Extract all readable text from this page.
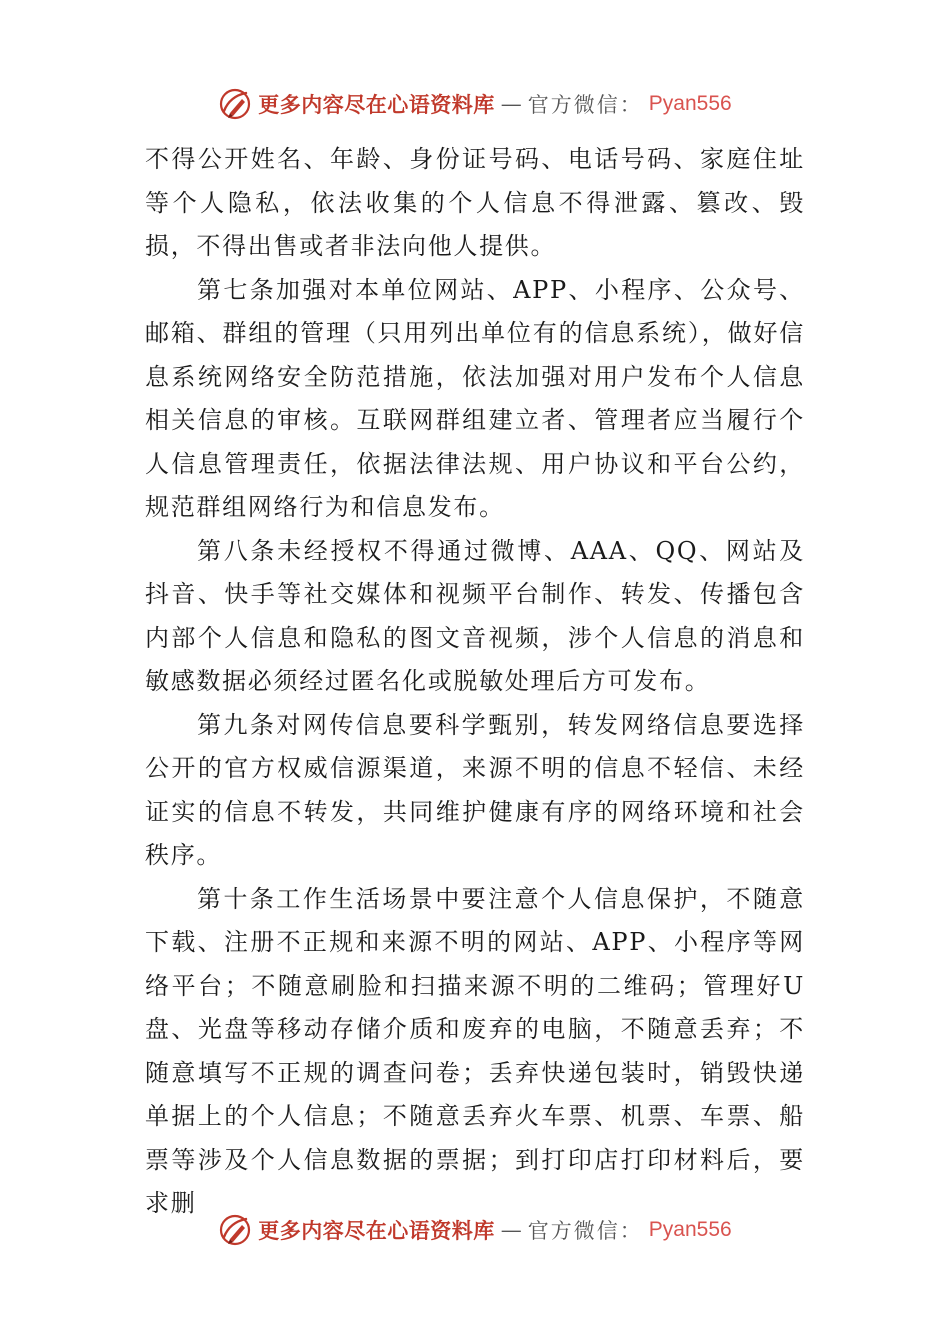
更多内容尽在心语资料库 — 官方微信： Pyan556

不得公开姓名、年龄、身份证号码、电话号码、家庭住址等个人隐私，依法收集的个人信息不得泄露、篡改、毁损，不得出售或者非法向他人提供。

第七条加强对本单位网站、APP、小程序、公众号、邮箱、群组的管理（只用列出单位有的信息系统），做好信息系统网络安全防范措施，依法加强对用户发布个人信息相关信息的审核。互联网群组建立者、管理者应当履行个人信息管理责任，依据法律法规、用户协议和平台公约，规范群组网络行为和信息发布。

第八条未经授权不得通过微博、AAA、QQ、网站及抖音、快手等社交媒体和视频平台制作、转发、传播包含内部个人信息和隐私的图文音视频，涉个人信息的消息和敏感数据必须经过匿名化或脱敏处理后方可发布。

第九条对网传信息要科学甄别，转发网络信息要选择公开的官方权威信源渠道，来源不明的信息不轻信、未经证实的信息不转发，共同维护健康有序的网络环境和社会秩序。

第十条工作生活场景中要注意个人信息保护，不随意下载、注册不正规和来源不明的网站、APP、小程序等网络平台；不随意刷脸和扫描来源不明的二维码；管理好U盘、光盘等移动存储介质和废弃的电脑，不随意丢弃；不随意填写不正规的调查问卷；丢弃快递包装时，销毁快递单据上的个人信息；不随意丢弃火车票、机票、车票、船票等涉及个人信息数据的票据；到打印店打印材料后，要求删

更多内容尽在心语资料库 — 官方微信： Pyan556
